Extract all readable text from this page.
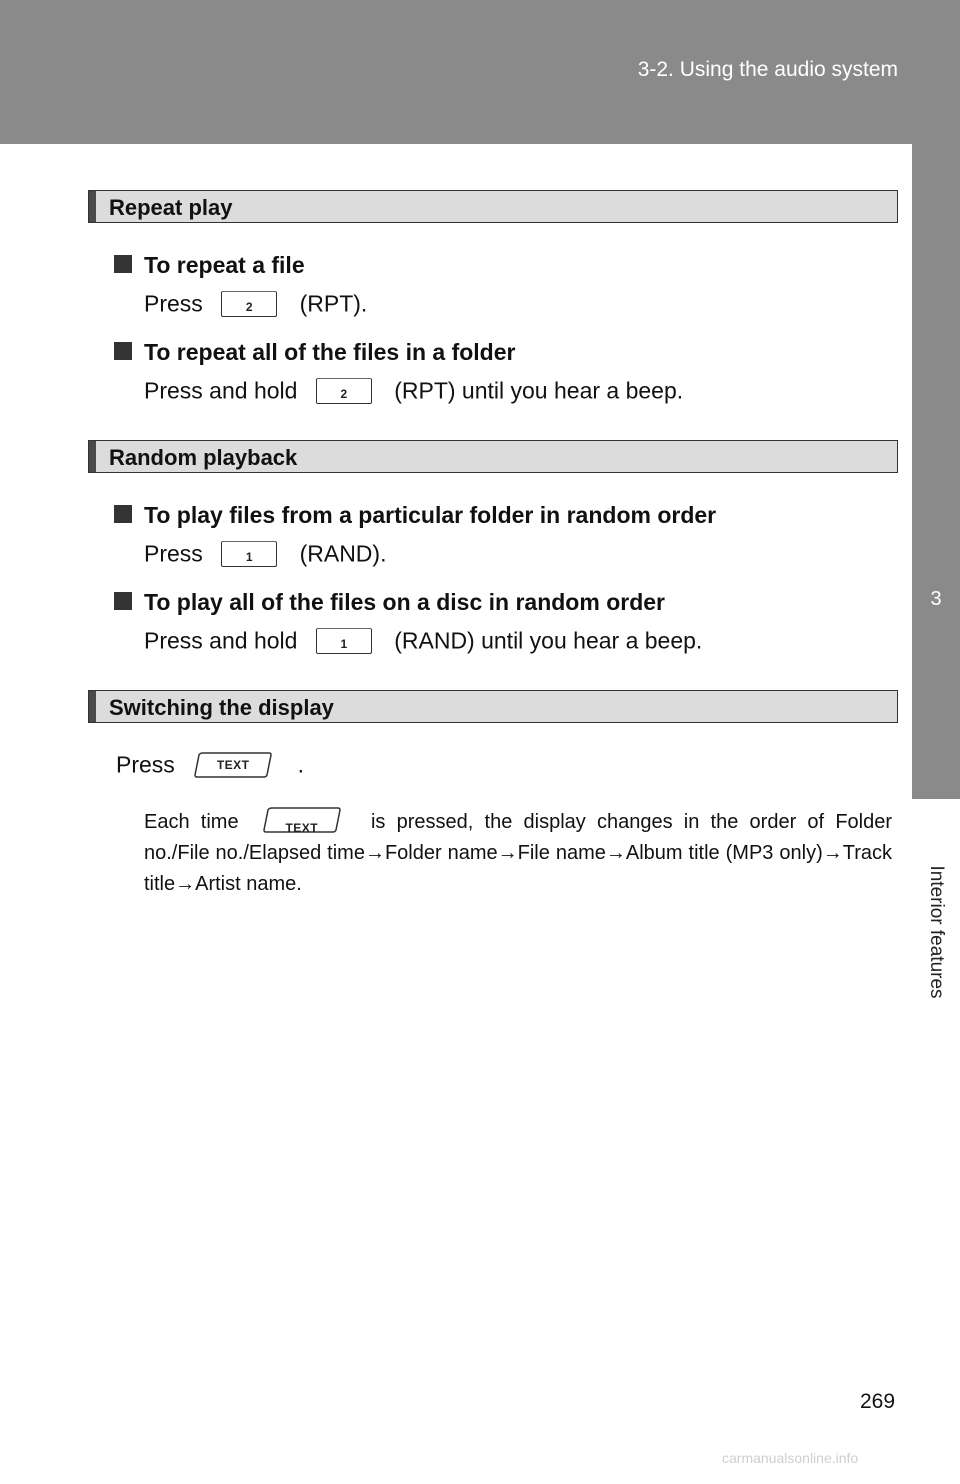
3-2. Using the audio system
3
Interior features
Repeat play
To repeat a file
Press	2	(RPT).
To repeat all of the files in a folder
Press and hold	2	(RPT) until you hear a beep.
Random playback
To play files from a particular folder in random order
Press	1	(RAND).
To play all of the files on a disc in random order
Press and hold	1	(RAND) until you hear a beep.
Switching the display
Press	TEXT	.
Each time	TEXT	is pressed, the display changes in the order of Folder no./File no./Elapsed time→Folder name→File name→Album title (MP3 only)→Track title→Artist name.
269
carmanualsonline.info
